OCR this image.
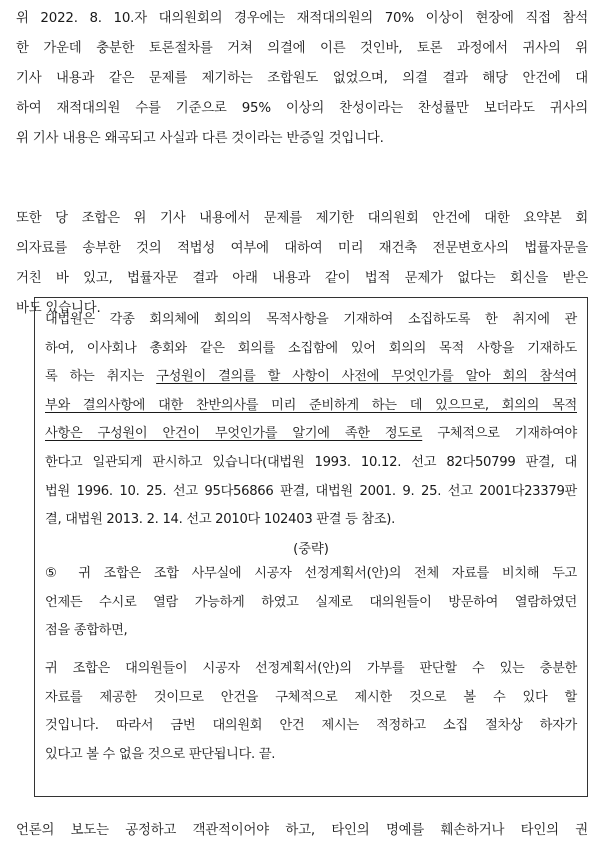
위 2022. 8. 10.자 대의원회의 경우에는 재적대의원의 70% 이상이 현장에 직접 참석
한 가운데 충분한 토론절차를 거쳐 의결에 이른 것인바, 토론 과정에서 귀사의 위
기사 내용과 같은 문제를 제기하는 조합원도 없었으며, 의결 결과 해당 안건에 대
하여 재적대의원 수를 기준으로 95% 이상의 찬성이라는 찬성률만 보더라도 귀사의
위 기사 내용은 왜곡되고 사실과 다른 것이라는 반증일 것입니다.
또한 당 조합은 위 기사 내용에서 문제를 제기한 대의원회 안건에 대한 요약본 회
의자료를 송부한 것의 적법성 여부에 대하여 미리 재건축 전문변호사의 법률자문을
거친 바 있고, 법률자문 결과 아래 내용과 같이 법적 문제가 없다는 회신을 받은
바도 있습니다.
대법원은 각종 회의체에 회의의 목적사항을 기재하여 소집하도록 한 취지에 관
하여, 이사회나 총회와 같은 회의를 소집함에 있어 회의의 목적 사항을 기재하도
록 하는 취지는 구성원이 결의를 할 사항이 사전에 무엇인가를 알아 회의 참석여
부와 결의사항에 대한 찬반의사를 미리 준비하게 하는 데 있으므로, 회의의 목적
사항은 구성원이 안건이 무엇인가를 알기에 족한 정도로 구체적으로 기재하여야
한다고 일관되게 판시하고 있습니다(대법원 1993. 10.12. 선고 82다50799 판결, 대
법원 1996. 10. 25. 선고 95다56866 판결, 대법원 2001. 9. 25. 선고 2001다23379판
결, 대법원 2013. 2. 14. 선고 2010다 102403 판결 등 참조).
(중략)
⑤ 귀 조합은 조합 사무실에 시공자 선정계획서(안)의 전체 자료를 비치해 두고
언제든 수시로 열람 가능하게 하였고 실제로 대의원들이 방문하여 열람하였던
점을 종합하면,
귀 조합은 대의원들이 시공자 선정계획서(안)의 가부를 판단할 수 있는 충분한
자료를 제공한 것이므로 안건을 구체적으로 제시한 것으로 볼 수 있다 할
것입니다. 따라서 금번 대의원회 안건 제시는 적정하고 소집 절차상 하자가
있다고 볼 수 없을 것으로 판단됩니다. 끝.
언론의 보도는 공정하고 객관적이어야 하고, 타인의 명예를 훼손하거나 타인의 권
